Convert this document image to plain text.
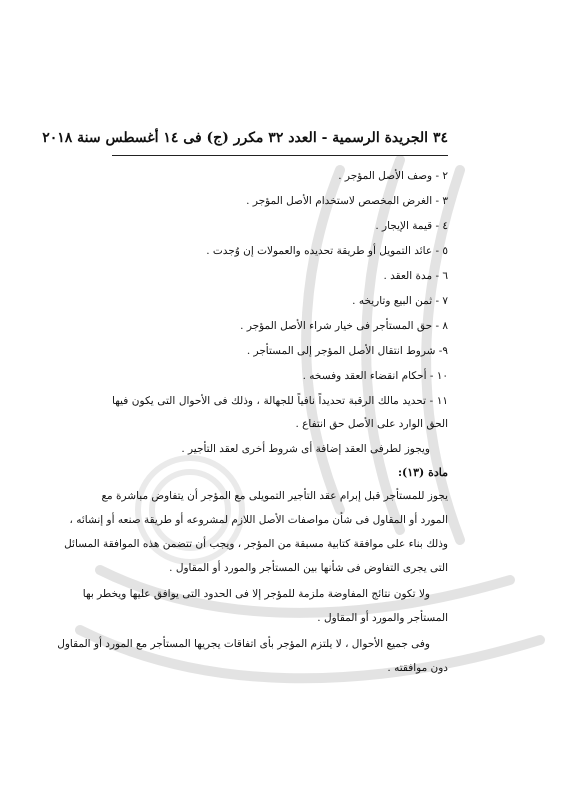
٣٤ الجريدة الرسمية - العدد ٣٢ مكرر (ج) فى ١٤ أغسطس سنة ٢٠١٨
٢ - وصف الأصل المؤجر .
٣ - الغرض المخصص لاستخدام الأصل المؤجر .
٤ - قيمة الإيجار .
٥ - عائد التمويل أو طريقة تحديده والعمولات إن وُجدت .
٦ - مدة العقد .
٧ - ثمن البيع وتاريخه .
٨ - حق المستأجر فى خيار شراء الأصل المؤجر .
٩- شروط انتقال الأصل المؤجر إلى المستأجر .
١٠ - أحكام انقضاء العقد وفسخه .
١١ - تحديد مالك الرقبة تحديداً نافياً للجهالة ، وذلك فى الأحوال التى يكون فيها
الحق الوارد على الأصل حق انتفاع .
ويجوز لطرفى العقد إضافة أى شروط أخرى لعقد التأجير .
مادة (١٣):
يجوز للمستأجر قبل إبرام عقد التأجير التمويلى مع المؤجر أن يتفاوض مباشرة مع
المورد أو المقاول فى شأن مواصفات الأصل اللازم لمشروعه أو طريقة صنعه أو إنشائه ،
وذلك بناء على موافقة كتابية مسبقة من المؤجر ، ويجب أن تتضمن هذه الموافقة المسائل
التى يجرى التفاوض فى شأنها بين المستأجر والمورد أو المقاول .
ولا تكون نتائج المفاوضة ملزمة للمؤجر إلا فى الحدود التى يوافق عليها ويخطر بها
المستأجر والمورد أو المقاول .
وفى جميع الأحوال ، لا يلتزم المؤجر بأى اتفاقات يجريها المستأجر مع المورد أو المقاول
دون موافقته .
